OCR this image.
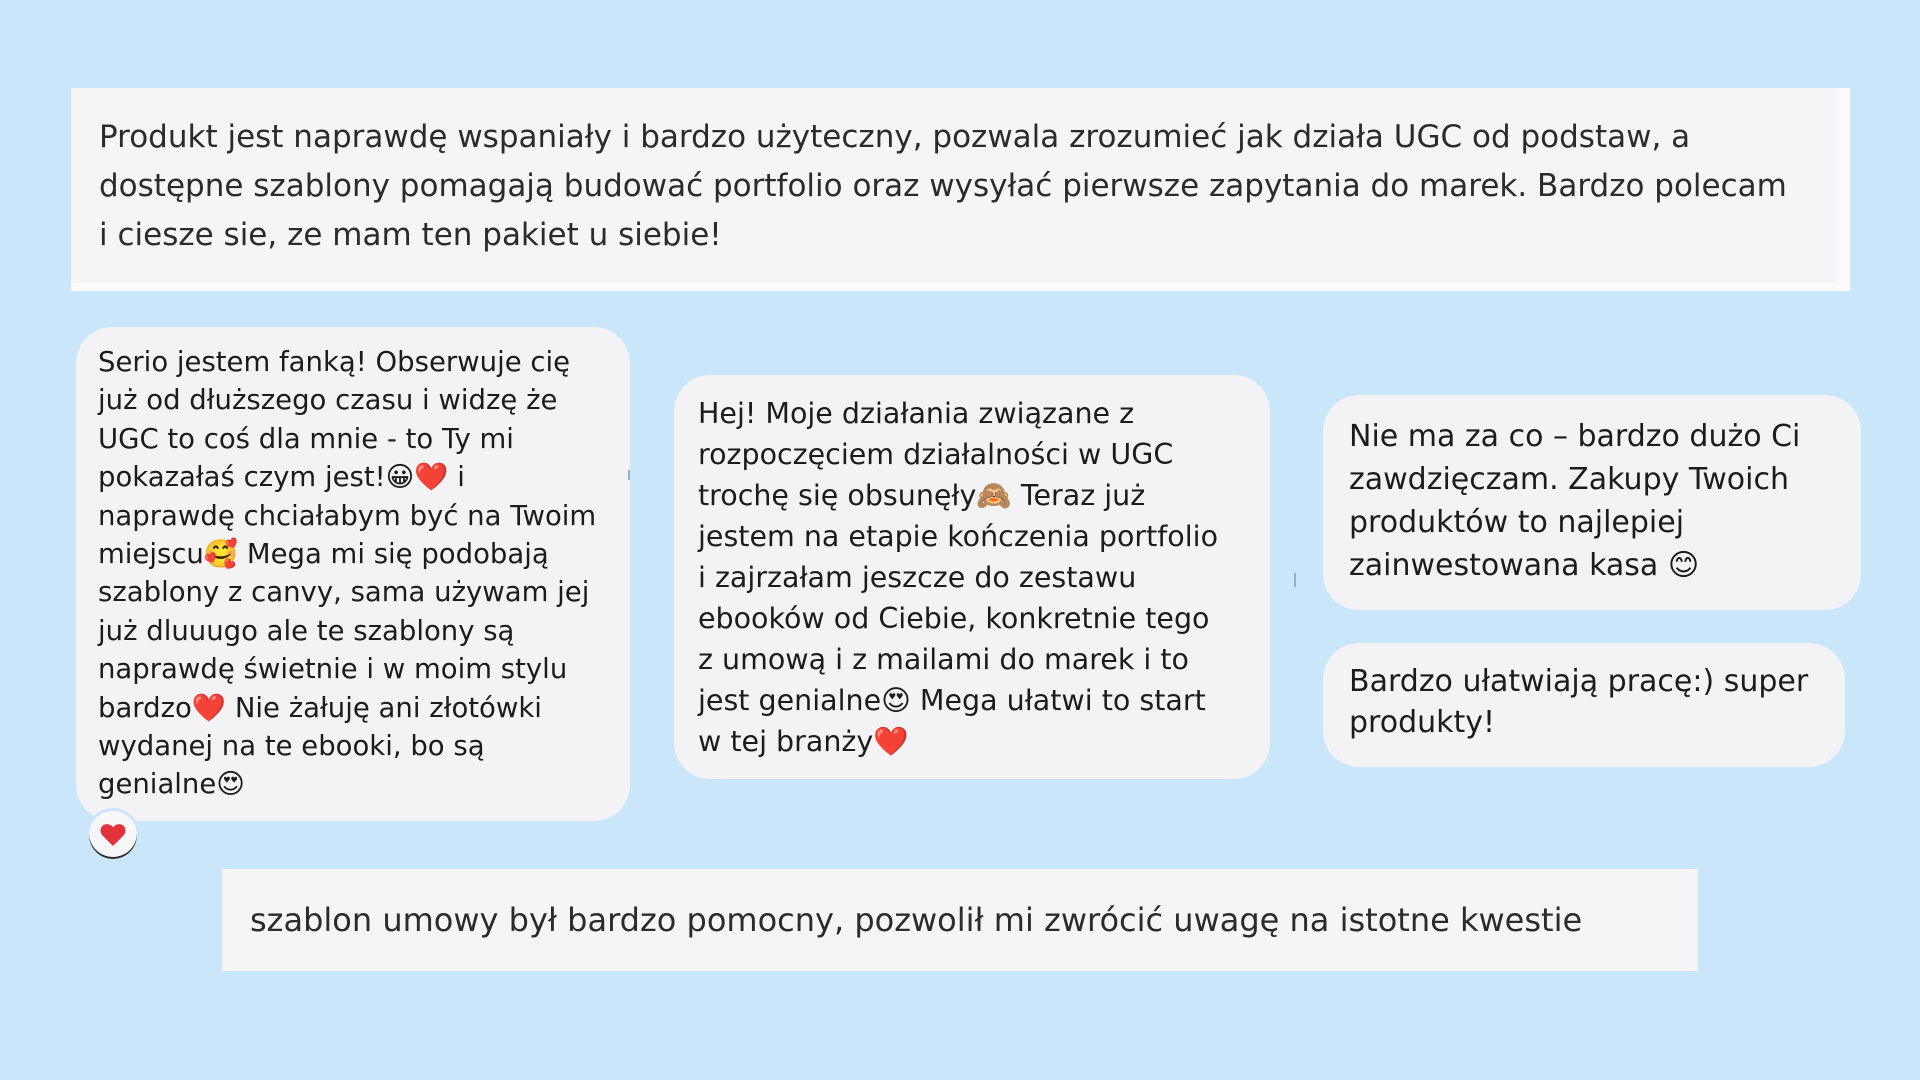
Produkt jest naprawdę wspaniały i bardzo użyteczny, pozwala zrozumieć jak działa UGC od podstaw, a
dostępne szablony pomagają budować portfolio oraz wysyłać pierwsze zapytania do marek. Bardzo polecam
i ciesze sie, ze mam ten pakiet u siebie!
Serio jestem fanką! Obserwuje cię
już od dłuższego czasu i widzę że
UGC to coś dla mnie - to Ty mi
pokazałaś czym jest!😀❤️ i
naprawdę chciałabym być na Twoim
miejscu🥰 Mega mi się podobają
szablony z canvy, sama używam jej
już dluuugo ale te szablony są
naprawdę świetnie i w moim stylu
bardzo❤️ Nie żałuję ani złotówki
wydanej na te ebooki, bo są
genialne😍
Hej! Moje działania związane z
rozpoczęciem działalności w UGC
trochę się obsunęły🙈 Teraz już
jestem na etapie kończenia portfolio
i zajrzałam jeszcze do zestawu
ebooków od Ciebie, konkretnie tego
z umową i z mailami do marek i to
jest genialne😍 Mega ułatwi to start
w tej branży❤️
Nie ma za co – bardzo dużo Ci
zawdzięczam. Zakupy Twoich
produktów to najlepiej
zainwestowana kasa 😊
Bardzo ułatwiają pracę:) super
produkty!
szablon umowy był bardzo pomocny, pozwolił mi zwrócić uwagę na istotne kwestie
